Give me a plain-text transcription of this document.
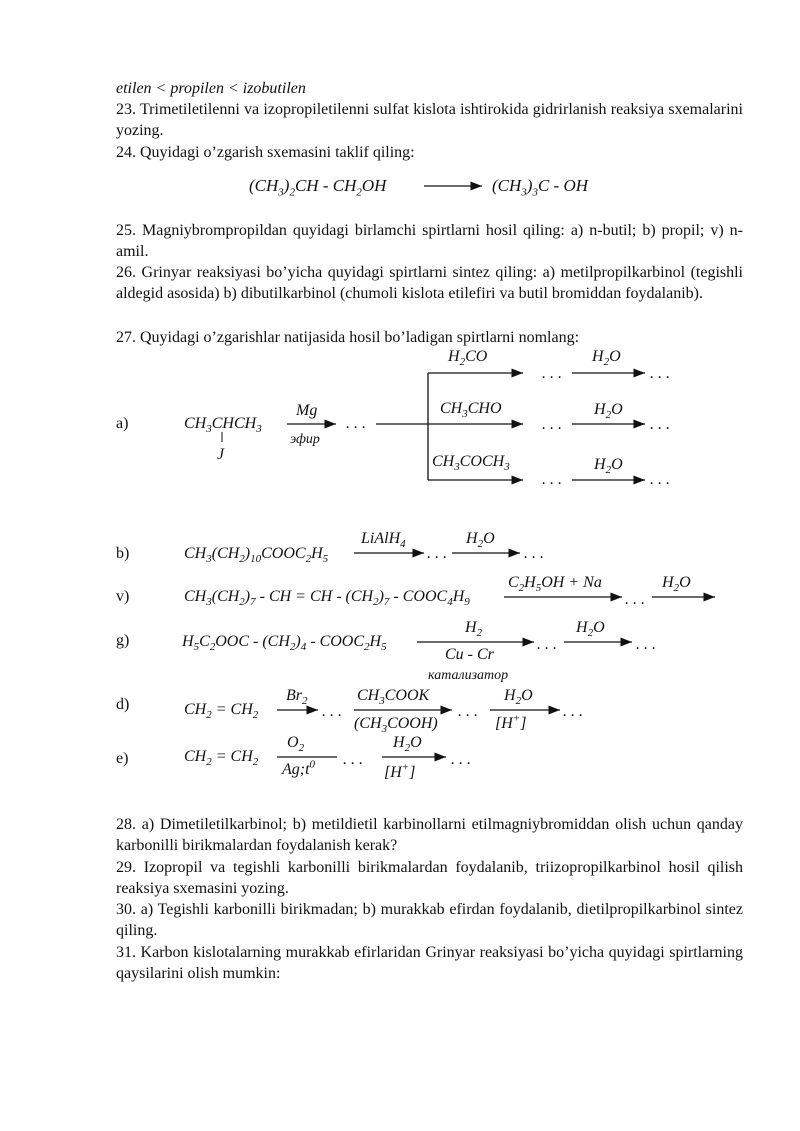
etilen < propilen < izobutilen
23. Trimetiletilenni va izopropiletilenni sulfat kislota ishtirokida gidrirlanish reaksiya sxemalarini yozing.
24. Quyidagi o’zgarish sxemasini taklif qiling:
$(CH_3)_2CH - CH_2OH$	$(CH_3)_3C$ - OH
25. Magniybrompropildan quyidagi birlamchi spirtlarni hosil qiling: a) n-butil; b) propil; v) n-amil.
26. Grinyar reaksiyasi bo’yicha quyidagi spirtlarni sintez qiling: a) metilpropilkarbinol (tegishli aldegid asosida) b) dibutilkarbinol (chumoli kislota etilefiri va butil bromiddan foydalanib).
27. Quyidagi o’zgarishlar natijasida hosil bo’ladigan spirtlarni nomlang:
a)	$CH_3CHCH_3$
J
Mg
эфир
. . .
$H_2CO$
$CH_3CHO$
$CH_3COCH_3$
. . .
. . .
. . .
$H_2O$
$H_2O$
$H_2O$
. . .
. . .
. . .
b)	$CH_3(CH_2)_{10}COOC_2H_5$
LiAlH$_4$
. . .
$H_2O$
. . .
v)	$CH_3(CH_2)_7$ - CH = CH - $(CH_2)_7$ - $COOC_4H_9$
$C_2H_5OH + Na$
. . .
$H_2O$
g)	$H_5C_2OOC - (CH_2)_4$ - $COOC_2H_5$
$H_2$
Cu - Cr
катализатор
. . .
$H_2O$
. . .
d)	$CH_2 = CH_2$
$Br_2$
. . .
$CH_3COOK$
$(CH_3COOH)$
. . .
$H_2O$
[H+]
. . .
e)	$CH_2 = CH_2$
$O_2$
$Ag;t^0$ . . .
$H_2O$
[H+]
. . .
28. a) Dimetiletilkarbinol; b) metildietil karbinollarni etilmagniybromiddan olish uchun qanday karbonilli birikmalardan foydalanish kerak?
29. Izopropil va tegishli karbonilli birikmalardan foydalanib, triizopropilkarbinol hosil qilish reaksiya sxemasini yozing.
30. a) Tegishli karbonilli birikmadan; b) murakkab efirdan foydalanib, dietilpropilkarbinol sintez qiling.
31. Karbon kislotalarning murakkab efirlaridan Grinyar reaksiyasi bo’yicha quyidagi spirtlarning qaysilarini olish mumkin:
